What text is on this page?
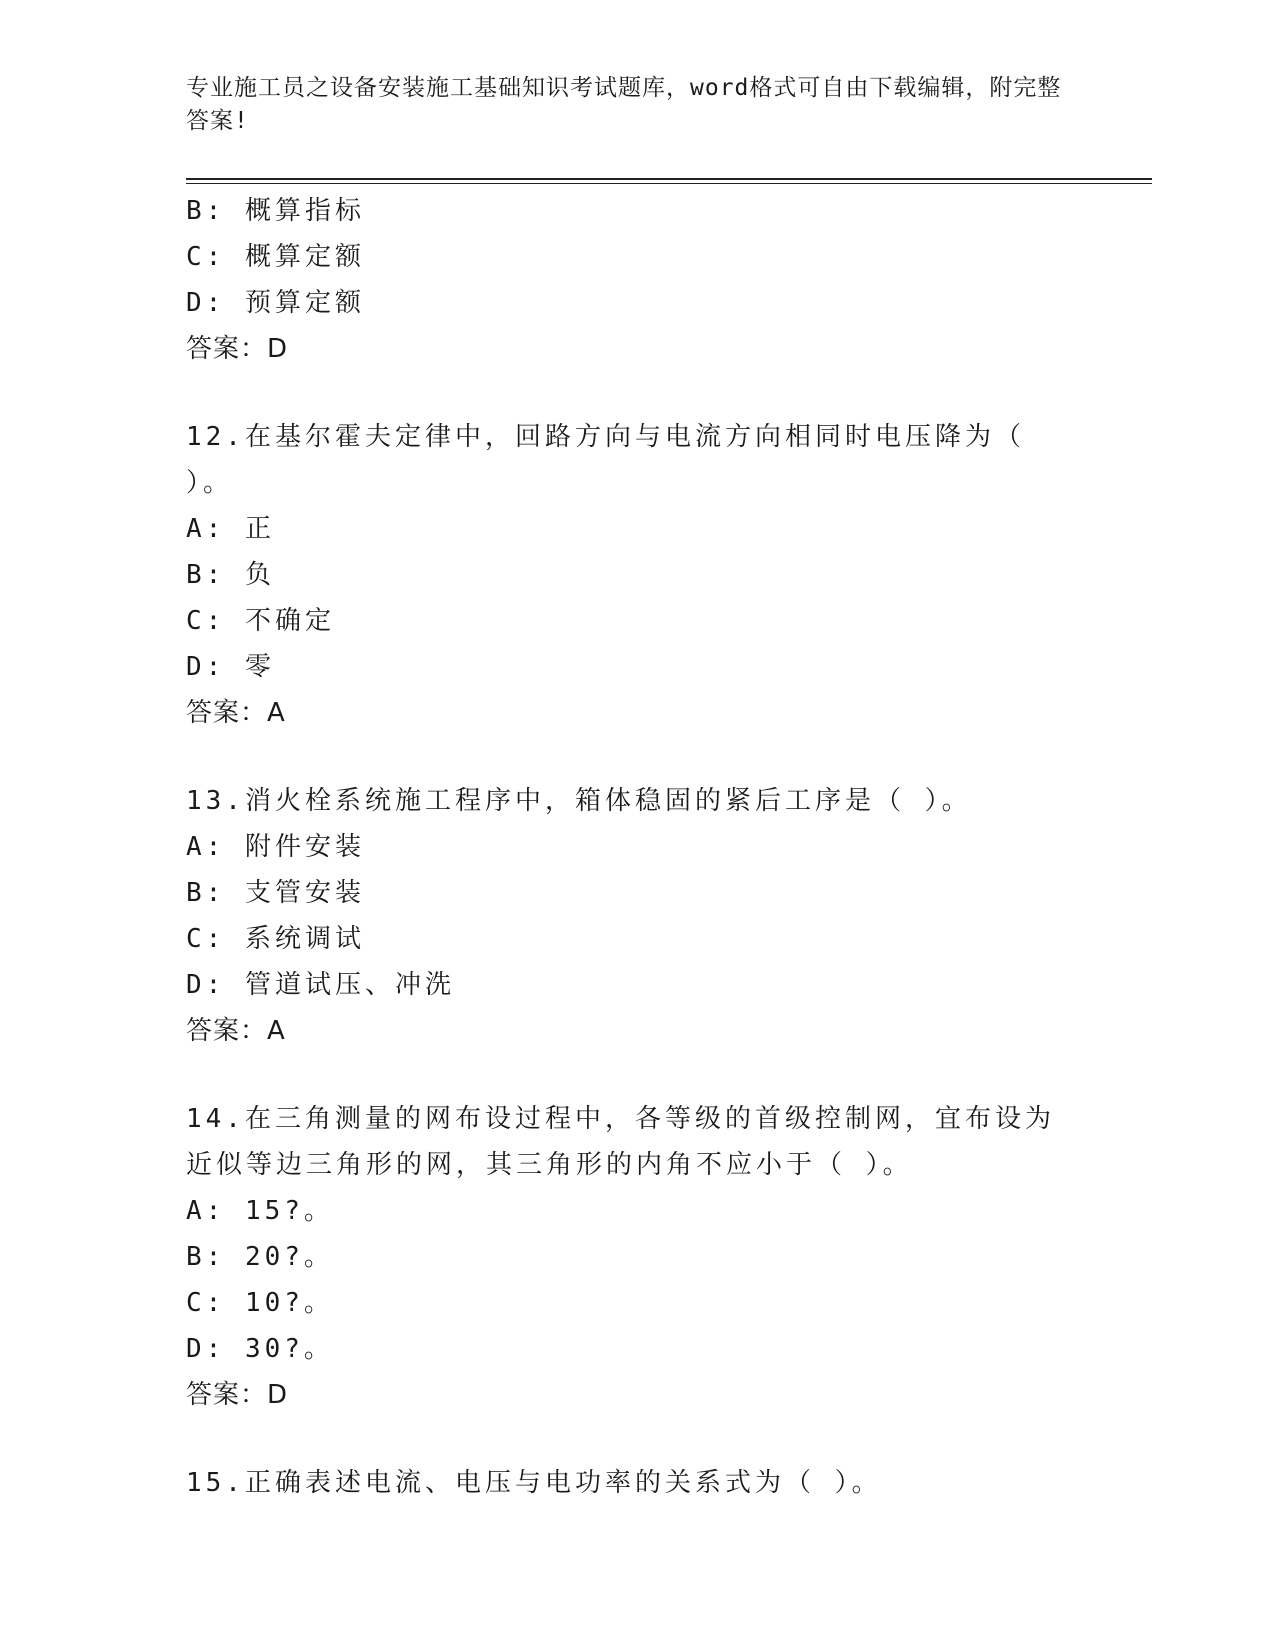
专业施工员之设备安装施工基础知识考试题库，word格式可自由下载编辑，附完整答案!
B: 概算指标
C: 概算定额
D: 预算定额
答案：D
12.在基尔霍夫定律中，回路方向与电流方向相同时电压降为（ ）。
A: 正
B: 负
C: 不确定
D: 零
答案：A
13.消火栓系统施工程序中，箱体稳固的紧后工序是（ ）。
A: 附件安装
B: 支管安装
C: 系统调试
D: 管道试压、冲洗
答案：A
14.在三角测量的网布设过程中，各等级的首级控制网，宜布设为近似等边三角形的网，其三角形的内角不应小于（ ）。
A: 15?。
B: 20?。
C: 10?。
D: 30?。
答案：D
15.正确表述电流、电压与电功率的关系式为（ ）。
